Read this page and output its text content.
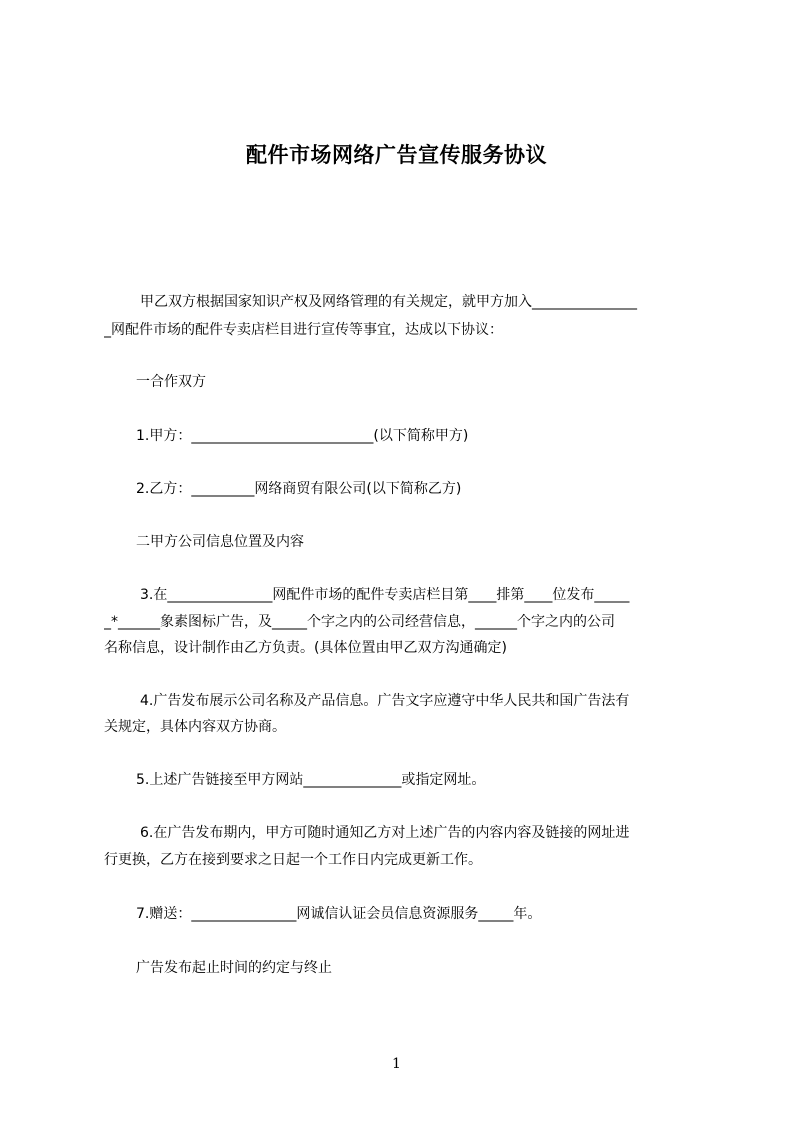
配件市场网络广告宣传服务协议
甲乙双方根据国家知识产权及网络管理的有关规定，就甲方加入_______________
_网配件市场的配件专卖店栏目进行宣传等事宜，达成以下协议：
一合作双方
1.甲方：__________________________(以下简称甲方)
2.乙方：_________网络商贸有限公司(以下简称乙方)
二甲方公司信息位置及内容
3.在_______________网配件市场的配件专卖店栏目第____排第____位发布_____
_*______象素图标广告，及_____个字之内的公司经营信息，______个字之内的公司
名称信息，设计制作由乙方负责。(具体位置由甲乙双方沟通确定)
4.广告发布展示公司名称及产品信息。广告文字应遵守中华人民共和国广告法有
关规定，具体内容双方协商。
5.上述广告链接至甲方网站______________或指定网址。
6.在广告发布期内，甲方可随时通知乙方对上述广告的内容内容及链接的网址进
行更换，乙方在接到要求之日起一个工作日内完成更新工作。
7.赠送：_______________网诚信认证会员信息资源服务_____年。
广告发布起止时间的约定与终止
1
